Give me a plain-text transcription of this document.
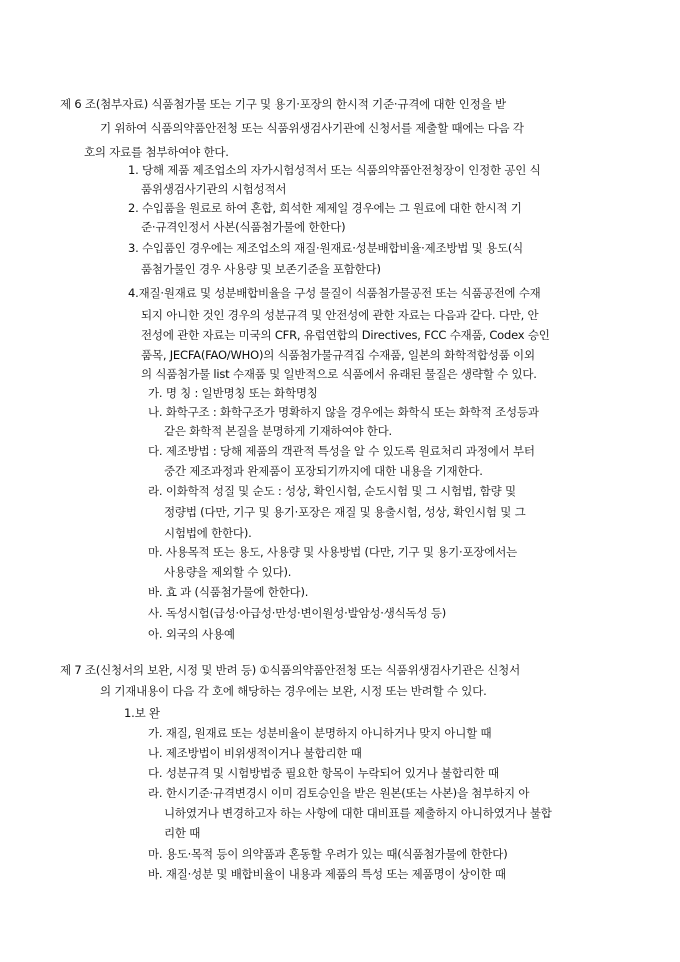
제 6 조(첨부자료) 식품첨가물 또는 기구 및 용기·포장의 한시적 기준·규격에 대한 인정을 받
기 위하여 식품의약품안전청 또는 식품위생검사기관에 신청서를 제출할 때에는 다음 각
호의 자료를 첨부하여야 한다.
1. 당해 제품 제조업소의 자가시험성적서 또는 식품의약품안전청장이 인정한 공인 식
품위생검사기관의 시험성적서
2. 수입품을 원료로 하여 혼합, 희석한 제제일 경우에는 그 원료에 대한 한시적 기
준·규격인정서 사본(식품첨가물에 한한다)
3. 수입품인 경우에는 제조업소의 재질·원재료·성분배합비율·제조방법 및 용도(식
품첨가물인 경우 사용량 및 보존기준을 포함한다)
4.재질·원재료 및 성분배합비율을 구성 물질이 식품첨가물공전 또는 식품공전에 수재
되지 아니한 것인 경우의 성분규격 및 안전성에 관한 자료는 다음과 같다. 다만, 안
전성에 관한 자료는 미국의 CFR, 유럽연합의 Directives, FCC 수재품, Codex 승인
품목, JECFA(FAO/WHO)의 식품첨가물규격집 수재품, 일본의 화학적합성품 이외
의 식품첨가물 list 수재품 및 일반적으로 식품에서 유래된 물질은 생략할 수 있다.
가. 명 칭 : 일반명칭 또는 화학명칭
나. 화학구조 : 화학구조가 명확하지 않을 경우에는 화학식 또는 화학적 조성등과
같은 화학적 본질을 분명하게 기재하여야 한다.
다. 제조방법 : 당해 제품의 객관적 특성을 알 수 있도록 원료처리 과정에서 부터
중간 제조과정과 완제품이 포장되기까지에 대한 내용을 기재한다.
라. 이화학적 성질 및 순도 : 성상, 확인시험, 순도시험 및 그 시험법, 함량 및
정량법 (다만, 기구 및 용기·포장은 재질 및 용출시험, 성상, 확인시험 및 그
시험법에 한한다).
마. 사용목적 또는 용도, 사용량 및 사용방법 (다만, 기구 및 용기·포장에서는
사용량을 제외할 수 있다).
바. 효 과 (식품첨가물에 한한다).
사. 독성시험(급성·아급성·만성·변이원성·발암성·생식독성 등)
아. 외국의 사용예
제 7 조(신청서의 보완, 시정 및 반려 등) ①식품의약품안전청 또는 식품위생검사기관은 신청서
의 기재내용이 다음 각 호에 해당하는 경우에는 보완, 시정 또는 반려할 수 있다.
1.보 완
가. 재질, 원재료 또는 성분비율이 분명하지 아니하거나 맞지 아니할 때
나. 제조방법이 비위생적이거나 불합리한 때
다. 성분규격 및 시험방법중 필요한 항목이 누락되어 있거나 불합리한 때
라. 한시기준·규격변경시 이미 검토승인을 받은 원본(또는 사본)을 첨부하지 아
니하였거나 변경하고자 하는 사항에 대한 대비표를 제출하지 아니하였거나 불합
리한 때
마. 용도·목적 등이 의약품과 혼동할 우려가 있는 때(식품첨가물에 한한다)
바. 재질·성분 및 배합비율이 내용과 제품의 특성 또는 제품명이 상이한 때
